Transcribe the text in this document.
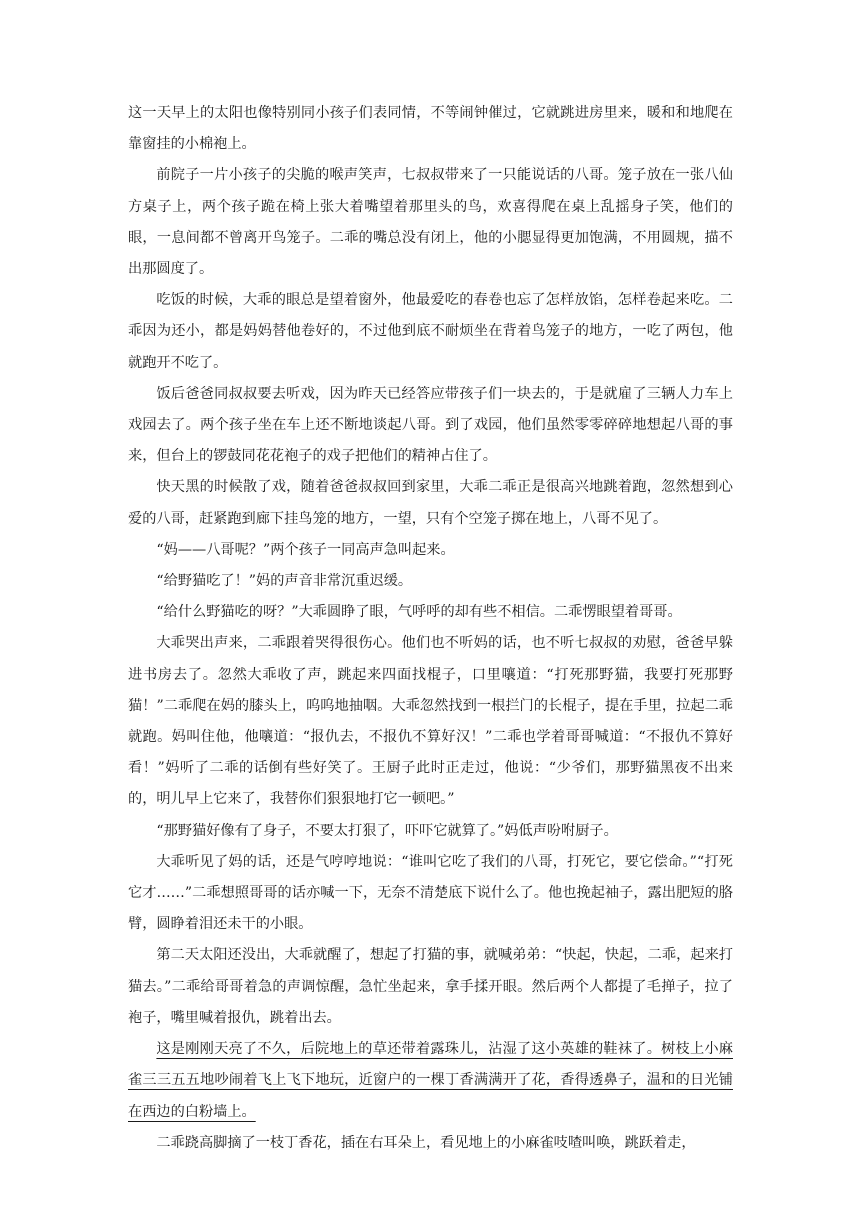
这一天早上的太阳也像特别同小孩子们表同情，不等闹钟催过，它就跳进房里来，暖和和地爬在靠窗挂的小棉袍上。

前院子一片小孩子的尖脆的喉声笑声，七叔叔带来了一只能说话的八哥。笼子放在一张八仙方桌子上，两个孩子跪在椅上张大着嘴望着那里头的鸟，欢喜得爬在桌上乱摇身子笑，他们的眼，一息间都不曾离开鸟笼子。二乖的嘴总没有闭上，他的小腮显得更加饱满，不用圆规，描不出那圆度了。

吃饭的时候，大乖的眼总是望着窗外，他最爱吃的春卷也忘了怎样放馅，怎样卷起来吃。二乖因为还小，都是妈妈替他卷好的，不过他到底不耐烦坐在背着鸟笼子的地方，一吃了两包，他就跑开不吃了。

饭后爸爸同叔叔要去听戏，因为昨天已经答应带孩子们一块去的，于是就雇了三辆人力车上戏园去了。两个孩子坐在车上还不断地谈起八哥。到了戏园，他们虽然零零碎碎地想起八哥的事来，但台上的锣鼓同花花袍子的戏子把他们的精神占住了。

快天黑的时候散了戏，随着爸爸叔叔回到家里，大乖二乖正是很高兴地跳着跑，忽然想到心爱的八哥，赶紧跑到廊下挂鸟笼的地方，一望，只有个空笼子掷在地上，八哥不见了。

“妈——八哥呢？”两个孩子一同高声急叫起来。

“给野猫吃了！”妈的声音非常沉重迟缓。

“给什么野猫吃的呀？”大乖圆睁了眼，气呼呼的却有些不相信。二乖愣眼望着哥哥。

大乖哭出声来，二乖跟着哭得很伤心。他们也不听妈的话，也不听七叔叔的劝慰，爸爸早躲进书房去了。忽然大乖收了声，跳起来四面找棍子，口里嚷道：“打死那野猫，我要打死那野猫！”二乖爬在妈的膝头上，呜呜地抽咽。大乖忽然找到一根拦门的长棍子，提在手里，拉起二乖就跑。妈叫住他，他嚷道：“报仇去，不报仇不算好汉！”二乖也学着哥哥喊道：“不报仇不算好看！”妈听了二乖的话倒有些好笑了。王厨子此时正走过，他说：“少爷们，那野猫黑夜不出来的，明儿早上它来了，我替你们狠狠地打它一顿吧。”

“那野猫好像有了身子，不要太打狠了，吓吓它就算了。”妈低声吩咐厨子。

大乖听见了妈的话，还是气哼哼地说：“谁叫它吃了我们的八哥，打死它，要它偿命。”“打死它才……”二乖想照哥哥的话亦喊一下，无奈不清楚底下说什么了。他也挽起袖子，露出肥短的胳臂，圆睁着泪还未干的小眼。

第二天太阳还没出，大乖就醒了，想起了打猫的事，就喊弟弟：“快起，快起，二乖，起来打猫去。”二乖给哥哥着急的声调惊醒，急忙坐起来，拿手揉开眼。然后两个人都提了毛掸子，拉了袍子，嘴里喊着报仇，跳着出去。

这是刚刚天亮了不久，后院地上的草还带着露珠儿，沾湿了这小英雄的鞋袜了。树枝上小麻雀三三五五地吵闹着飞上飞下地玩，近窗户的一棵丁香满满开了花，香得透鼻子，温和的日光铺在西边的白粉墙上。

二乖跷高脚摘了一枝丁香花，插在右耳朵上，看见地上的小麻雀吱喳叫唤，跳跃着走，
